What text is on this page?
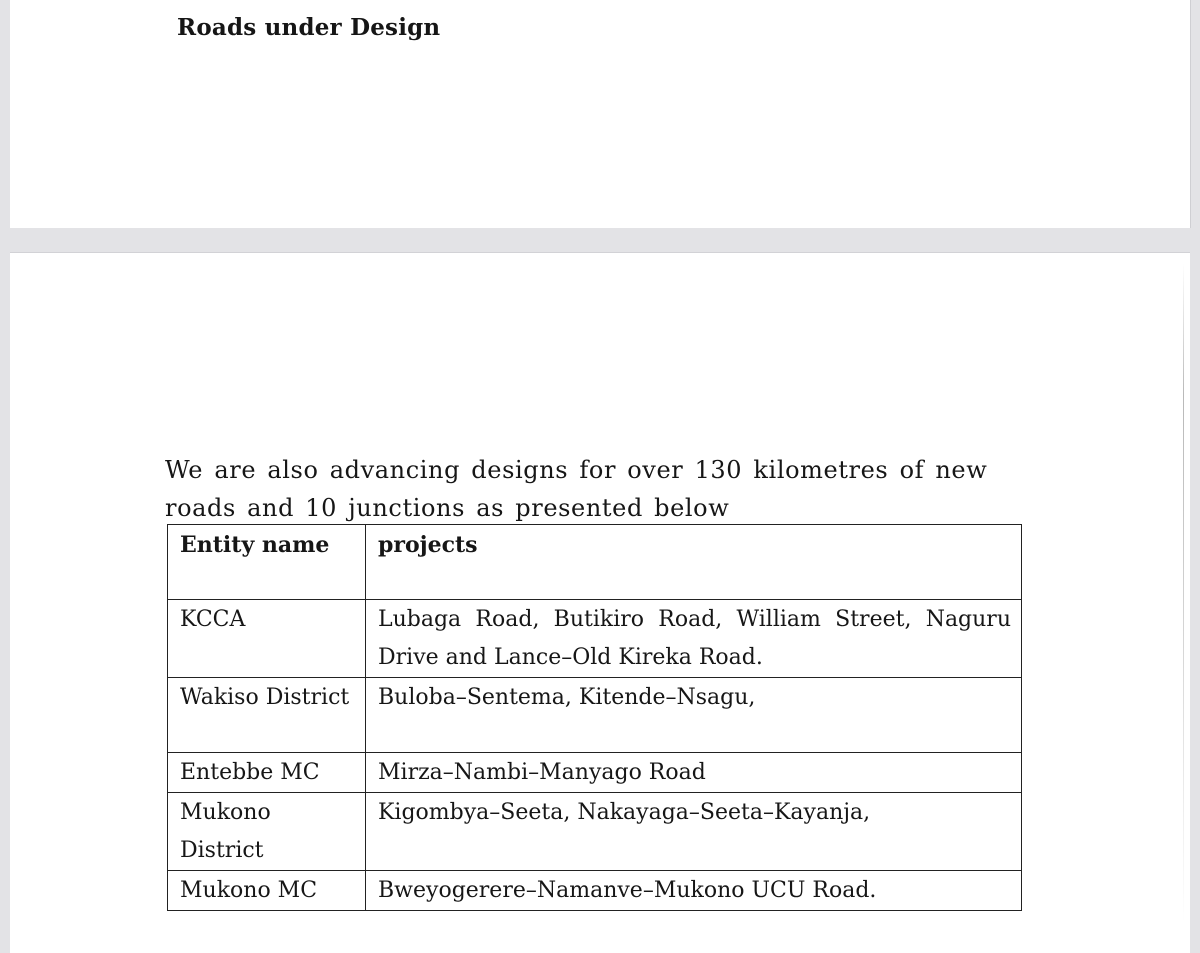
Roads under Design

We are also advancing designs for over 130 kilometres of new roads and 10 junctions as presented below

Entity name	projects
KCCA	Lubaga Road, Butikiro Road, William Street, Naguru Drive and Lance–Old Kireka Road.
Wakiso District	Buloba–Sentema, Kitende–Nsagu,
Entebbe MC	Mirza–Nambi–Manyago Road
Mukono District	Kigombya–Seeta, Nakayaga–Seeta–Kayanja,
Mukono MC	Bweyogerere–Namanve–Mukono UCU Road.
